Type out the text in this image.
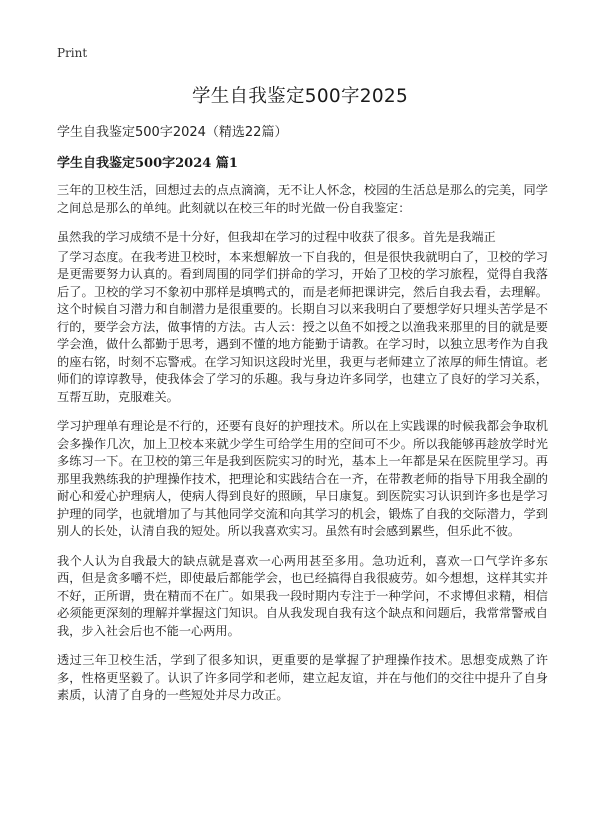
Print
学生自我鉴定500字2025
学生自我鉴定500字2024（精选22篇）
学生自我鉴定500字2024 篇1

三年的卫校生活，回想过去的点点滴滴，无不让人怀念，校园的生活总是那么的完美，同学之间总是那么的单纯。此刻就以在校三年的时光做一份自我鉴定：

虽然我的学习成绩不是十分好，但我却在学习的过程中收获了很多。首先是我端正

了学习态度。在我考进卫校时，本来想解放一下自我的，但是很快我就明白了，卫校的学习是更需要努力认真的。看到周围的同学们拼命的学习，开始了卫校的学习旅程，觉得自我落后了。卫校的学习不象初中那样是填鸭式的，而是老师把课讲完，然后自我去看，去理解。这个时候自习潜力和自制潜力是很重要的。长期自习以来我明白了要想学好只埋头苦学是不行的，要学会方法，做事情的方法。古人云：授之以鱼不如授之以渔我来那里的目的就是要学会渔，做什么都勤于思考，遇到不懂的地方能勤于请教。在学习时，以独立思考作为自我的座右铭，时刻不忘警戒。在学习知识这段时光里，我更与老师建立了浓厚的师生情谊。老师们的谆谆教导，使我体会了学习的乐趣。我与身边许多同学，也建立了良好的学习关系，互帮互助，克服难关。

学习护理单有理论是不行的，还要有良好的护理技术。所以在上实践课的时候我都会争取机会多操作几次，加上卫校本来就少学生可给学生用的空间可不少。所以我能够再趁放学时光多练习一下。在卫校的第三年是我到医院实习的时光，基本上一年都是呆在医院里学习。再那里我熟练我的护理操作技术，把理论和实践结合在一齐，在带教老师的指导下用我全副的耐心和爱心护理病人，使病人得到良好的照顾，早日康复。到医院实习认识到许多也是学习护理的同学，也就增加了与其他同学交流和向其学习的机会，锻炼了自我的交际潜力，学到别人的长处，认清自我的短处。所以我喜欢实习。虽然有时会感到累些，但乐此不彼。

我个人认为自我最大的缺点就是喜欢一心两用甚至多用。急功近利，喜欢一口气学许多东西，但是贪多嚼不烂，即使最后都能学会，也已经搞得自我很疲劳。如今想想，这样其实并不好，正所谓，贵在精而不在广。如果我一段时期内专注于一种学问，不求博但求精，相信必须能更深刻的理解并掌握这门知识。自从我发现自我有这个缺点和问题后，我常常警戒自我，步入社会后也不能一心两用。

透过三年卫校生活，学到了很多知识，更重要的是掌握了护理操作技术。思想变成熟了许多，性格更坚毅了。认识了许多同学和老师，建立起友谊，并在与他们的交往中提升了自身素质，认清了自身的一些短处并尽力改正。
